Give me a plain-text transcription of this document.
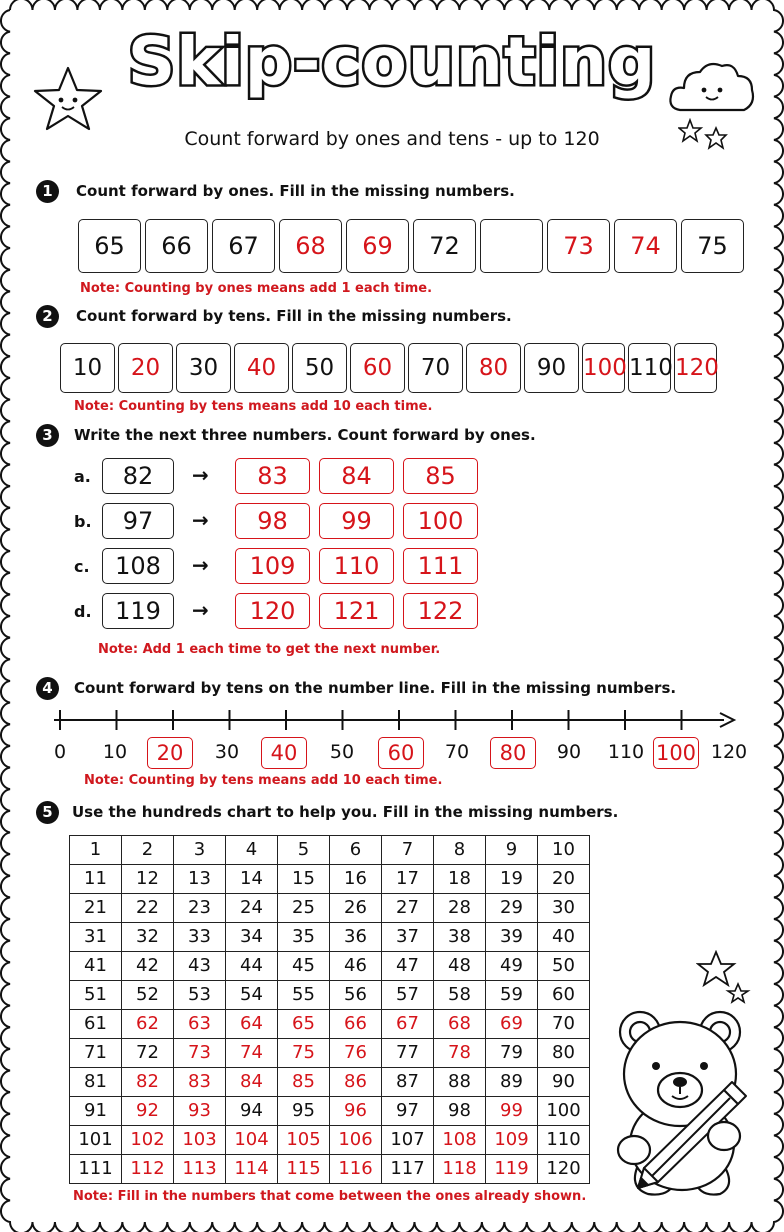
Skip-counting
Count forward by ones and tens - up to 120
1	Count forward by ones. Fill in the missing numbers.
65	66	67	68	69	72	73	74	75
Note: Counting by ones means add 1 each time.
2	Count forward by tens. Fill in the missing numbers.
10	20	30	40	50	60	70	80	90 100 110 120
Note: Counting by tens means add 10 each time.
3	Write the next three numbers. Count forward by ones.
a.	82	→	83	84	85
b.	97	→	98	99	100
c.	108	→	109	110	111
d. 119	→	120	121	122
Note: Add 1 each time to get the next number.
4	Count forward by tens on the number line. Fill in the missing numbers.
0	10	20	30	40	50	60	70	80	90	110 100 120
Note: Counting by tens means add 10 each time.
5	Use the hundreds chart to help you. Fill in the missing numbers.
1	2	3	4	5	6	7	8	9	10
11	12	13	14	15	16	17	18	19	20
21	22	23	24	25	26	27	28	29	30
31	32	33	34	35	36	37	38	39	40
41	42	43	44	45	46	47	48	49	50
51	52	53	54	55	56	57	58	59	60
61	62	63	64	65	66	67	68	69	70
71	72	73	74	75	76	77	78	79	80
81	82	83	84	85	86	87	88	89	90
91	92	93	94	95	96	97	98	99	100
101	102	103	104	105	106	107	108	109	110
111	112	113	114	115	116	117	118	119	120
Note: Fill in the numbers that come between the ones already shown.
